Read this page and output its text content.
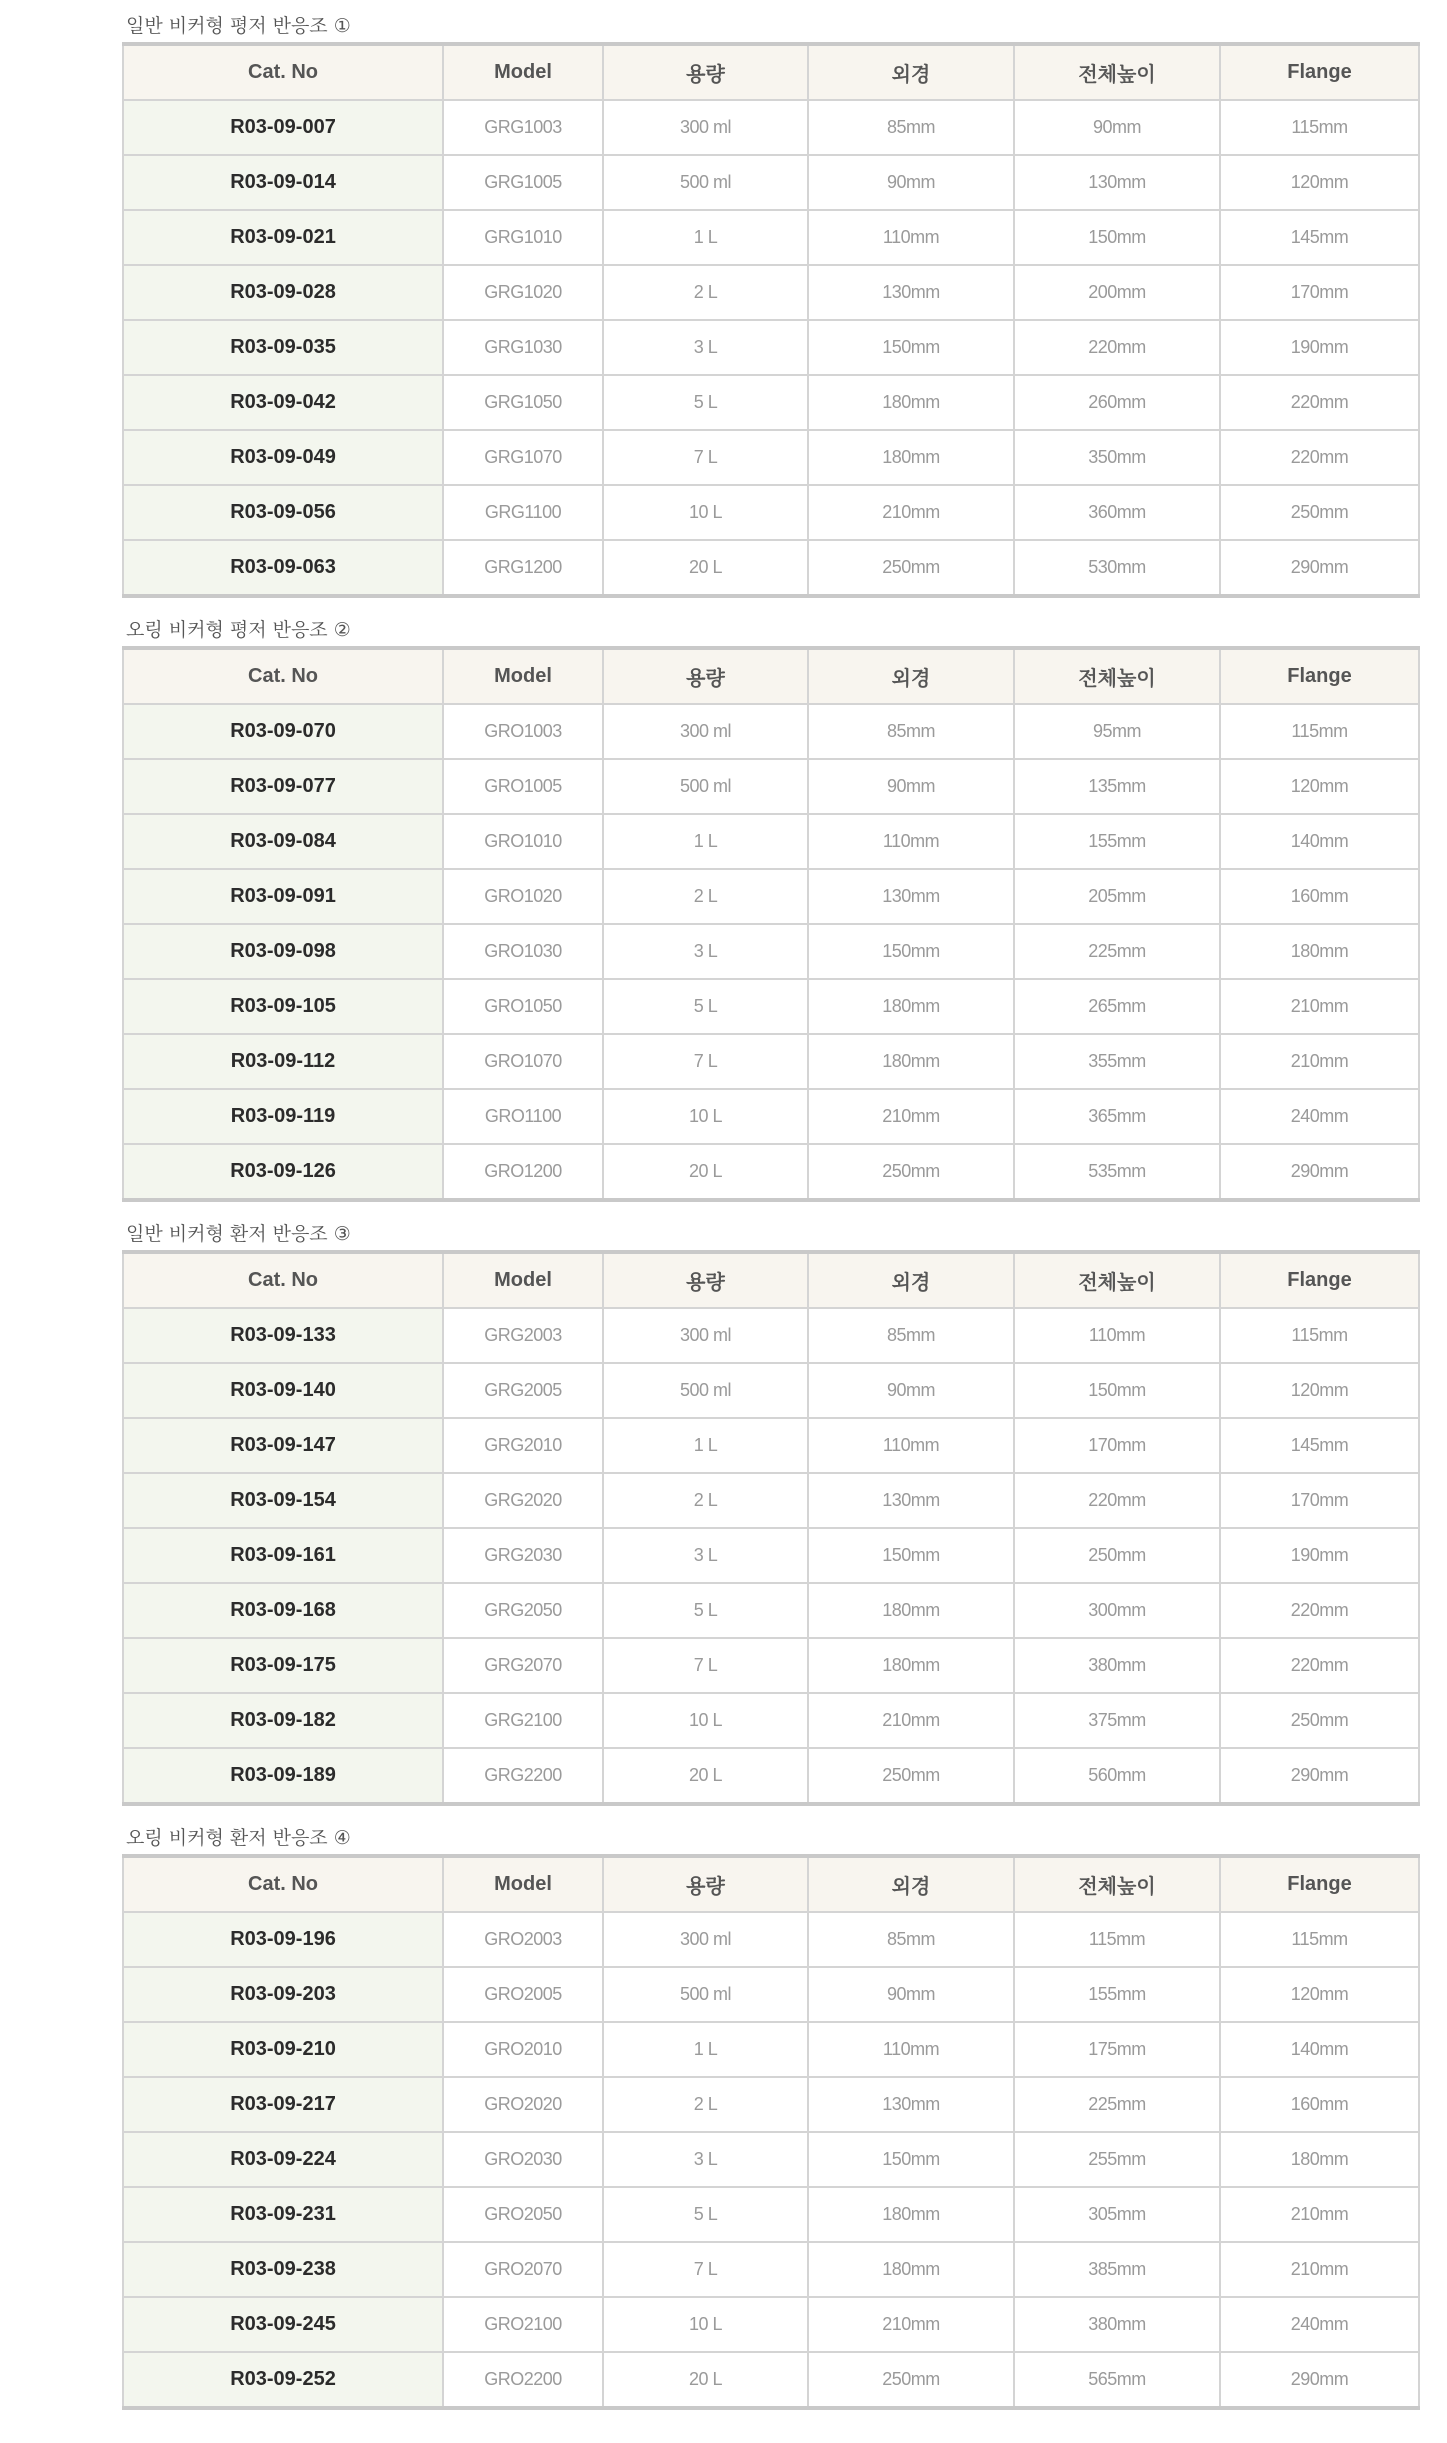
일반 비커형 평저 반응조 ①
Cat. No	Model	용량	외경	전체높이	Flange
R03-09-007	GRG1003	300 ml	85mm	90mm	115mm
R03-09-014	GRG1005	500 ml	90mm	130mm	120mm
R03-09-021	GRG1010	1 L	110mm	150mm	145mm
R03-09-028	GRG1020	2 L	130mm	200mm	170mm
R03-09-035	GRG1030	3 L	150mm	220mm	190mm
R03-09-042	GRG1050	5 L	180mm	260mm	220mm
R03-09-049	GRG1070	7 L	180mm	350mm	220mm
R03-09-056	GRG1100	10 L	210mm	360mm	250mm
R03-09-063	GRG1200	20 L	250mm	530mm	290mm
오링 비커형 평저 반응조 ②
Cat. No	Model	용량	외경	전체높이	Flange
R03-09-070	GRO1003	300 ml	85mm	95mm	115mm
R03-09-077	GRO1005	500 ml	90mm	135mm	120mm
R03-09-084	GRO1010	1 L	110mm	155mm	140mm
R03-09-091	GRO1020	2 L	130mm	205mm	160mm
R03-09-098	GRO1030	3 L	150mm	225mm	180mm
R03-09-105	GRO1050	5 L	180mm	265mm	210mm
R03-09-112	GRO1070	7 L	180mm	355mm	210mm
R03-09-119	GRO1100	10 L	210mm	365mm	240mm
R03-09-126	GRO1200	20 L	250mm	535mm	290mm
일반 비커형 환저 반응조 ③
Cat. No	Model	용량	외경	전체높이	Flange
R03-09-133	GRG2003	300 ml	85mm	110mm	115mm
R03-09-140	GRG2005	500 ml	90mm	150mm	120mm
R03-09-147	GRG2010	1 L	110mm	170mm	145mm
R03-09-154	GRG2020	2 L	130mm	220mm	170mm
R03-09-161	GRG2030	3 L	150mm	250mm	190mm
R03-09-168	GRG2050	5 L	180mm	300mm	220mm
R03-09-175	GRG2070	7 L	180mm	380mm	220mm
R03-09-182	GRG2100	10 L	210mm	375mm	250mm
R03-09-189	GRG2200	20 L	250mm	560mm	290mm
오링 비커형 환저 반응조 ④
Cat. No	Model	용량	외경	전체높이	Flange
R03-09-196	GRO2003	300 ml	85mm	115mm	115mm
R03-09-203	GRO2005	500 ml	90mm	155mm	120mm
R03-09-210	GRO2010	1 L	110mm	175mm	140mm
R03-09-217	GRO2020	2 L	130mm	225mm	160mm
R03-09-224	GRO2030	3 L	150mm	255mm	180mm
R03-09-231	GRO2050	5 L	180mm	305mm	210mm
R03-09-238	GRO2070	7 L	180mm	385mm	210mm
R03-09-245	GRO2100	10 L	210mm	380mm	240mm
R03-09-252	GRO2200	20 L	250mm	565mm	290mm
